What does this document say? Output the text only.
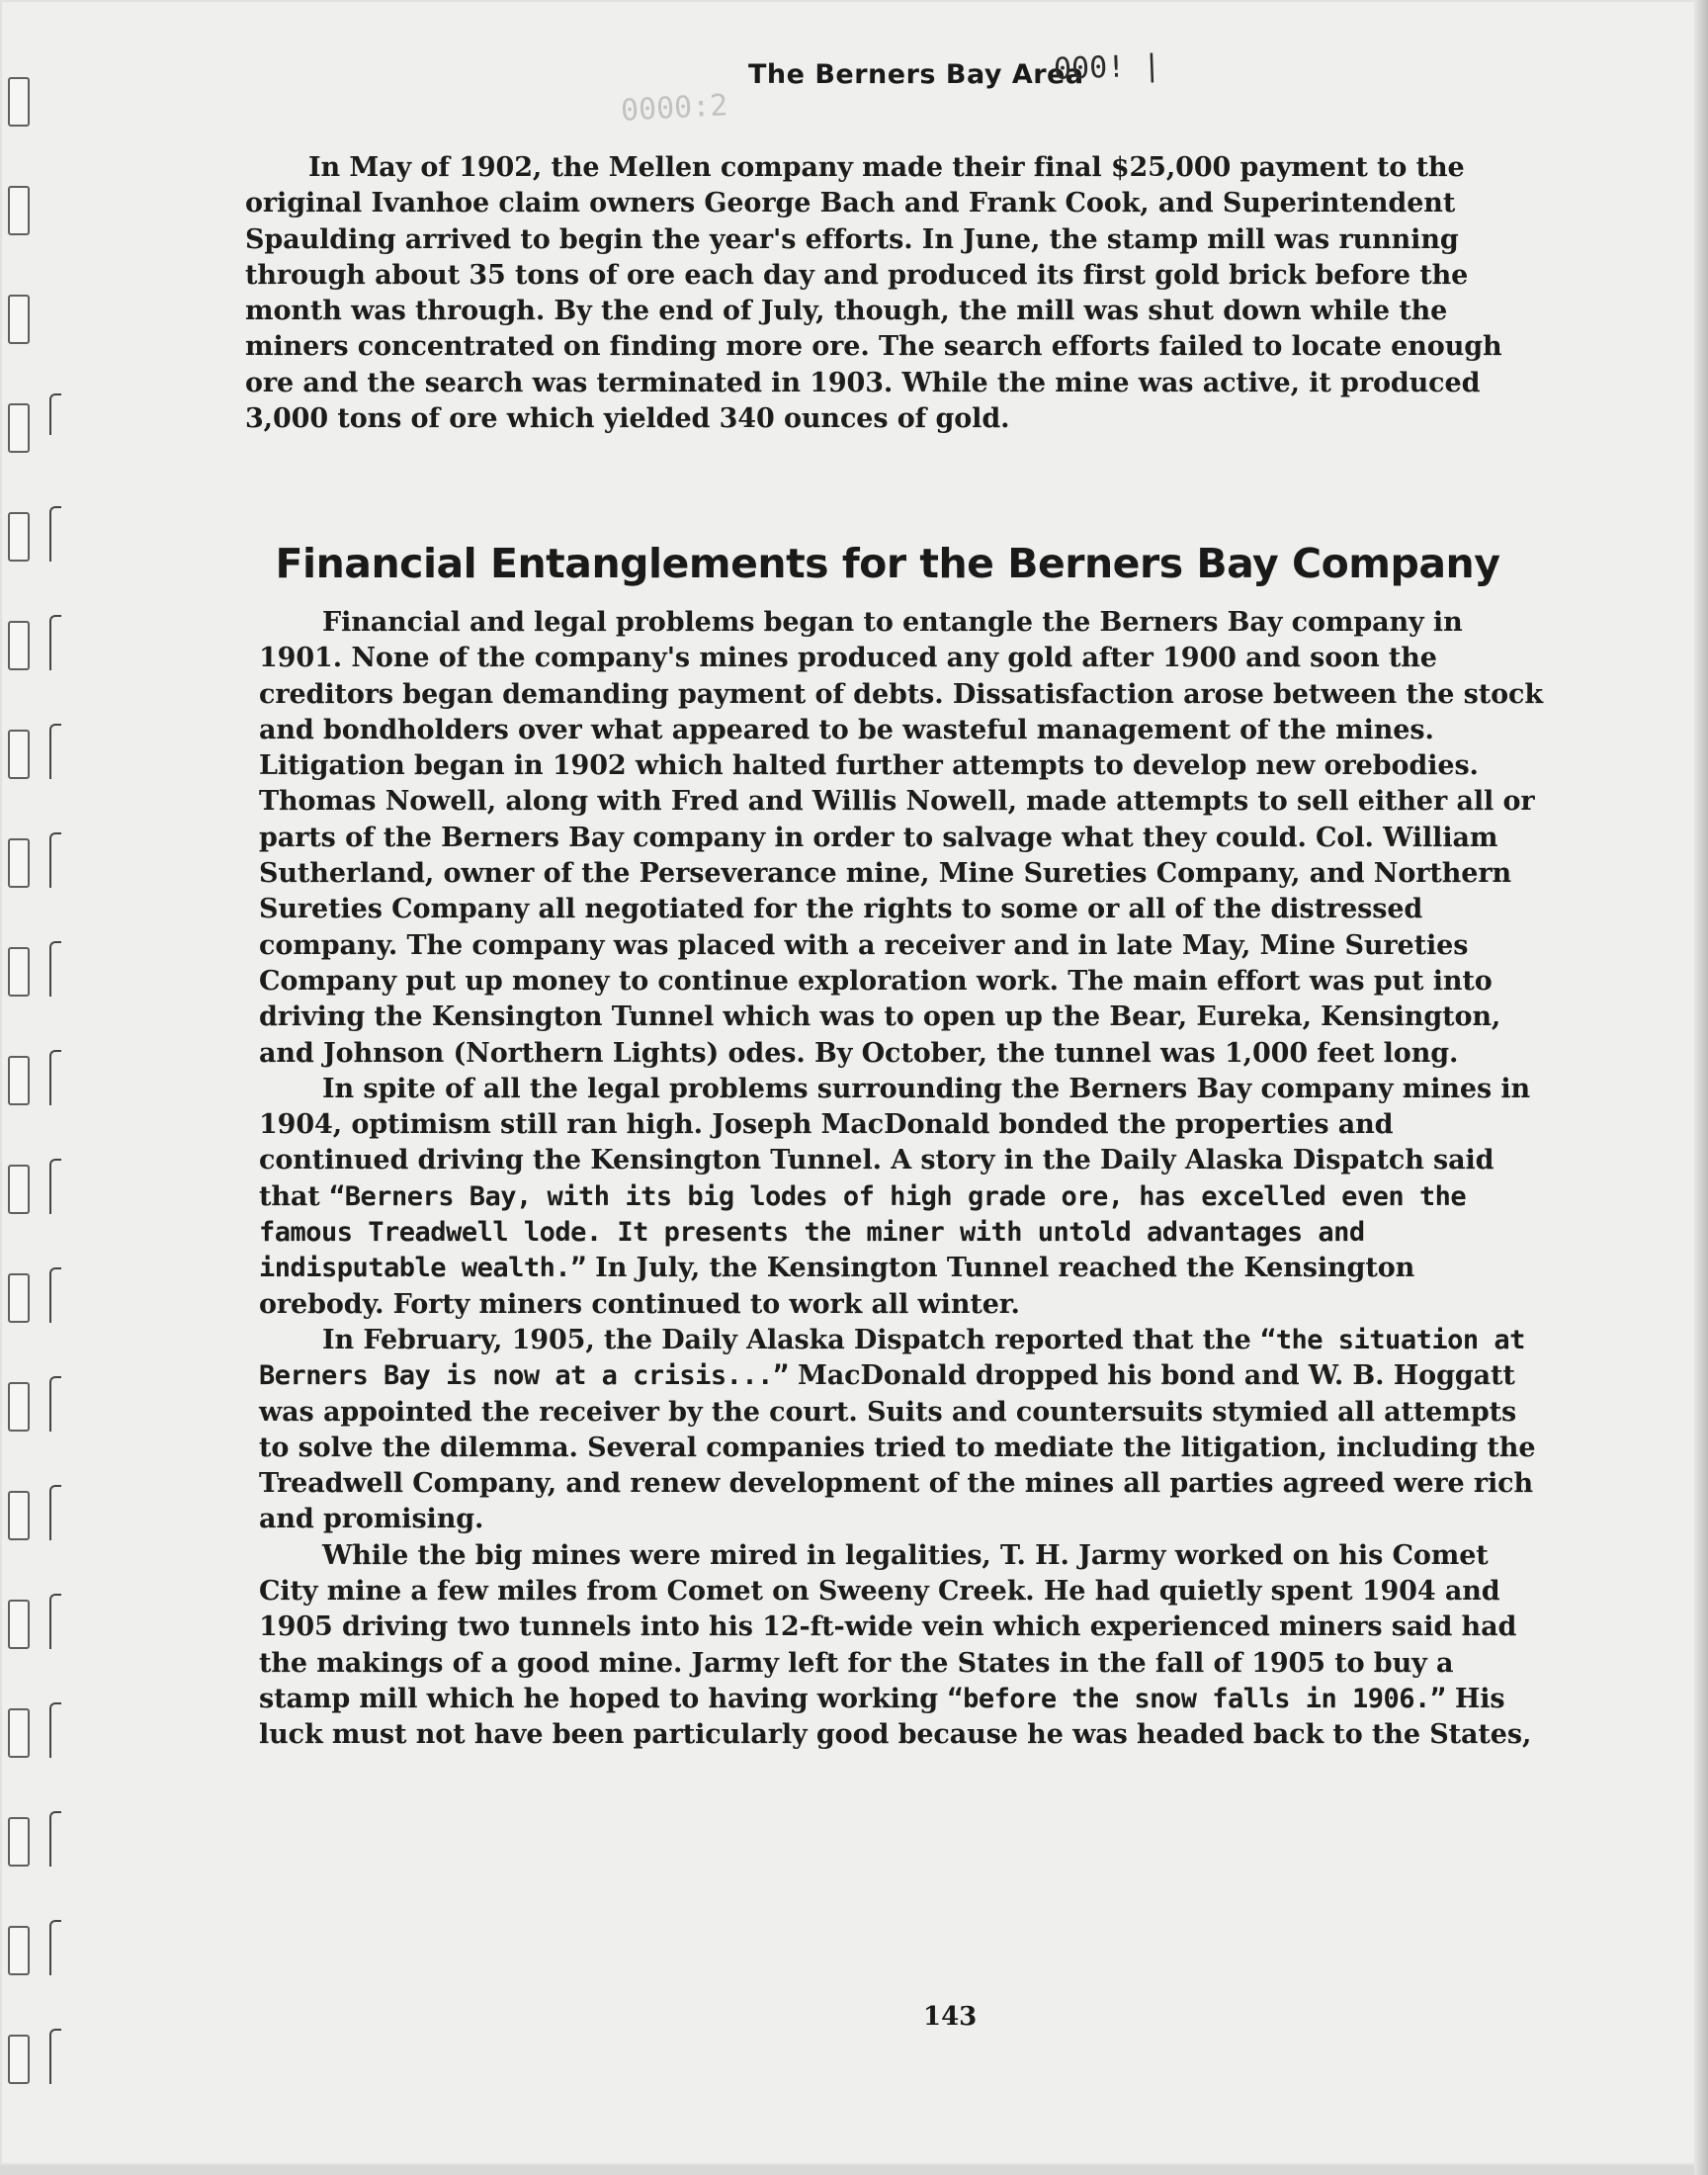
The Berners Bay Area
000! |
0000:2

In May of 1902, the Mellen company made their final $25,000 payment to the original Ivanhoe claim owners George Bach and Frank Cook, and Superintendent Spaulding arrived to begin the year's efforts. In June, the stamp mill was running through about 35 tons of ore each day and produced its first gold brick before the month was through. By the end of July, though, the mill was shut down while the miners concentrated on finding more ore. The search efforts failed to locate enough ore and the search was terminated in 1903. While the mine was active, it produced 3,000 tons of ore which yielded 340 ounces of gold.

Financial Entanglements for the Berners Bay Company

Financial and legal problems began to entangle the Berners Bay company in 1901. None of the company's mines produced any gold after 1900 and soon the creditors began demanding payment of debts. Dissatisfaction arose between the stock and bondholders over what appeared to be wasteful management of the mines. Litigation began in 1902 which halted further attempts to develop new orebodies. Thomas Nowell, along with Fred and Willis Nowell, made attempts to sell either all or parts of the Berners Bay company in order to salvage what they could. Col. William Sutherland, owner of the Perseverance mine, Mine Sureties Company, and Northern Sureties Company all negotiated for the rights to some or all of the distressed company. The company was placed with a receiver and in late May, Mine Sureties Company put up money to continue exploration work. The main effort was put into driving the Kensington Tunnel which was to open up the Bear, Eureka, Kensington, and Johnson (Northern Lights) odes. By October, the tunnel was 1,000 feet long.

In spite of all the legal problems surrounding the Berners Bay company mines in 1904, optimism still ran high. Joseph MacDonald bonded the properties and continued driving the Kensington Tunnel. A story in the Daily Alaska Dispatch said that “Berners Bay, with its big lodes of high grade ore, has excelled even the famous Treadwell lode. It presents the miner with untold advantages and indisputable wealth.” In July, the Kensington Tunnel reached the Kensington orebody. Forty miners continued to work all winter.

In February, 1905, the Daily Alaska Dispatch reported that the “the situation at Berners Bay is now at a crisis...” MacDonald dropped his bond and W. B. Hoggatt was appointed the receiver by the court. Suits and countersuits stymied all attempts to solve the dilemma. Several companies tried to mediate the litigation, including the Treadwell Company, and renew development of the mines all parties agreed were rich and promising.

While the big mines were mired in legalities, T. H. Jarmy worked on his Comet City mine a few miles from Comet on Sweeny Creek. He had quietly spent 1904 and 1905 driving two tunnels into his 12-ft-wide vein which experienced miners said had the makings of a good mine. Jarmy left for the States in the fall of 1905 to buy a stamp mill which he hoped to having working “before the snow falls in 1906.” His luck must not have been particularly good because he was headed back to the States,

143
